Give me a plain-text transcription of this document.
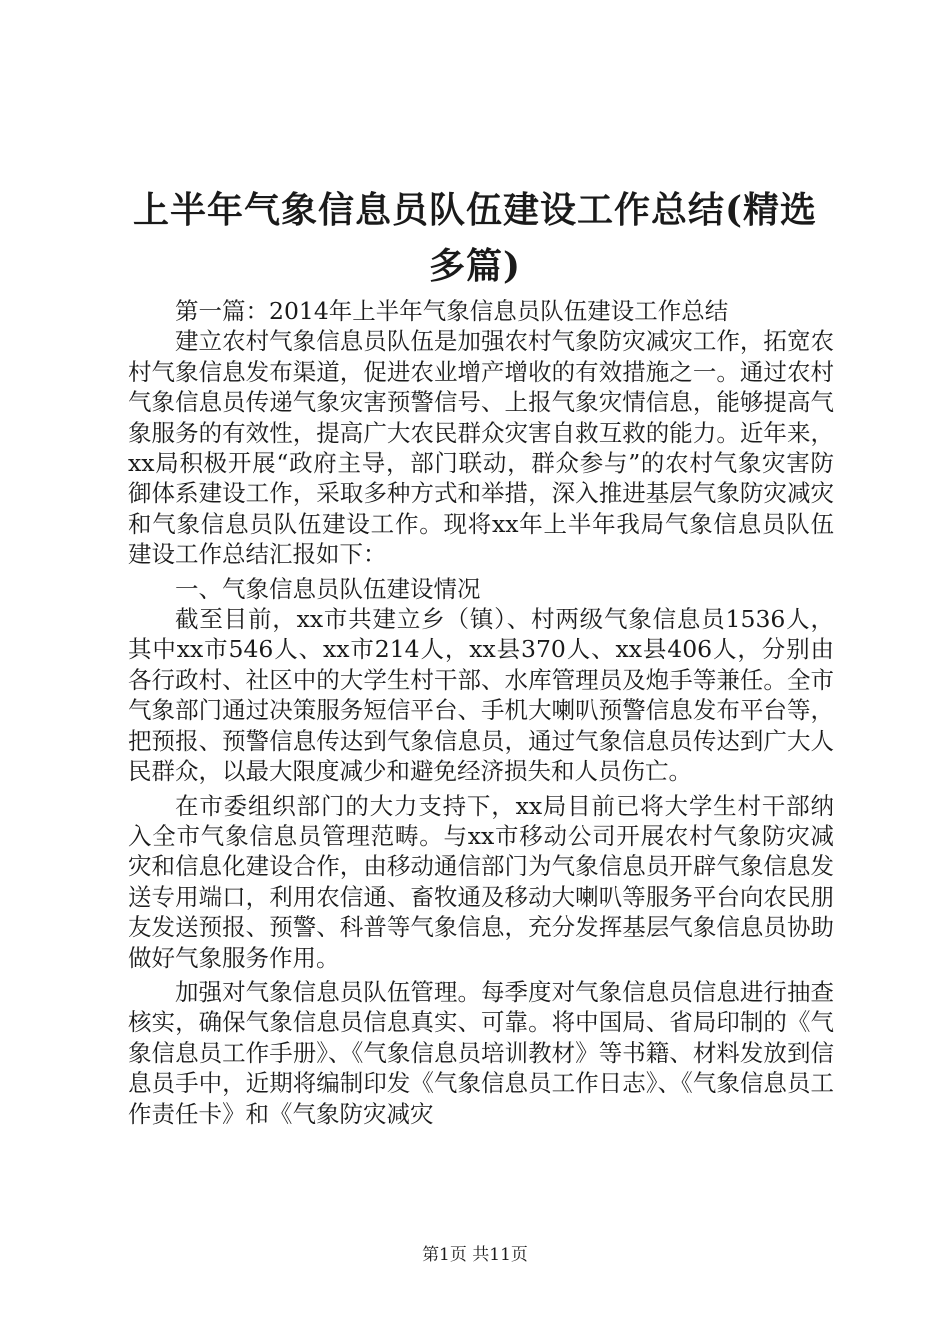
上半年气象信息员队伍建设工作总结(精选多篇)

第一篇：2014年上半年气象信息员队伍建设工作总结

建立农村气象信息员队伍是加强农村气象防灾减灾工作，拓宽农村气象信息发布渠道，促进农业增产增收的有效措施之一。通过农村气象信息员传递气象灾害预警信号、上报气象灾情信息，能够提高气象服务的有效性，提高广大农民群众灾害自救互救的能力。近年来，xx局积极开展“政府主导，部门联动，群众参与”的农村气象灾害防御体系建设工作，采取多种方式和举措，深入推进基层气象防灾减灾和气象信息员队伍建设工作。现将xx年上半年我局气象信息员队伍建设工作总结汇报如下：

一、气象信息员队伍建设情况

截至目前，xx市共建立乡（镇）、村两级气象信息员1536人，其中xx市546人、xx市214人，xx县370人、xx县406人，分别由各行政村、社区中的大学生村干部、水库管理员及炮手等兼任。全市气象部门通过决策服务短信平台、手机大喇叭预警信息发布平台等，把预报、预警信息传达到气象信息员，通过气象信息员传达到广大人民群众，以最大限度减少和避免经济损失和人员伤亡。

在市委组织部门的大力支持下，xx局目前已将大学生村干部纳入全市气象信息员管理范畴。与xx市移动公司开展农村气象防灾减灾和信息化建设合作，由移动通信部门为气象信息员开辟气象信息发送专用端口，利用农信通、畜牧通及移动大喇叭等服务平台向农民朋友发送预报、预警、科普等气象信息，充分发挥基层气象信息员协助做好气象服务作用。

加强对气象信息员队伍管理。每季度对气象信息员信息进行抽查核实，确保气象信息员信息真实、可靠。将中国局、省局印制的《气象信息员工作手册》、《气象信息员培训教材》等书籍、材料发放到信息员手中，近期将编制印发《气象信息员工作日志》、《气象信息员工作责任卡》和《气象防灾减灾

第1页 共11页
